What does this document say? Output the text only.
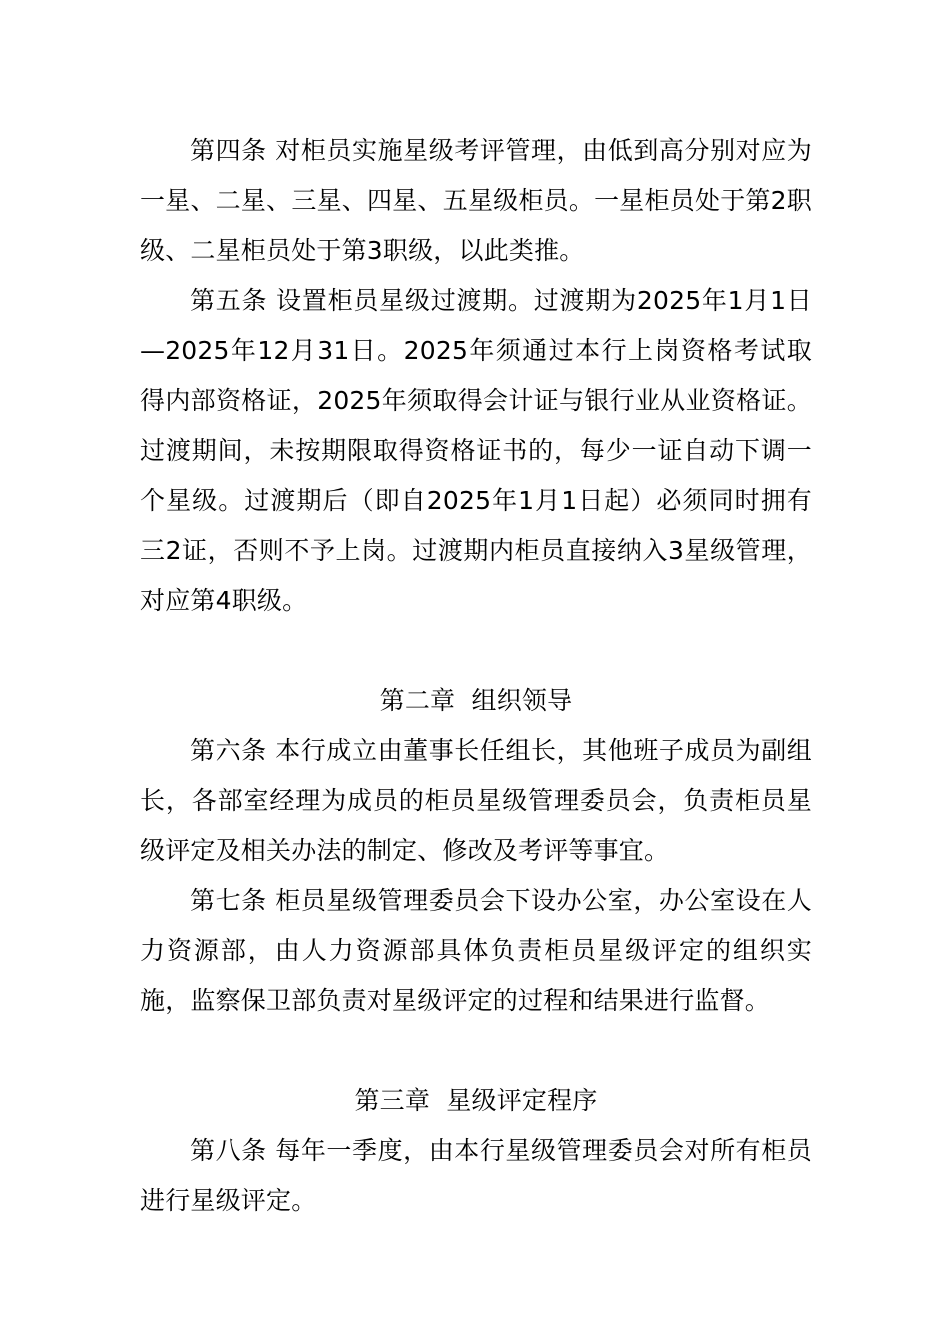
第四条 对柜员实施星级考评管理，由低到高分别对应为一星、二星、三星、四星、五星级柜员。一星柜员处于第2职级、二星柜员处于第3职级，以此类推。

第五条 设置柜员星级过渡期。过渡期为2025年1月1日—2025年12月31日。2025年须通过本行上岗资格考试取得内部资格证，2025年须取得会计证与银行业从业资格证。过渡期间，未按期限取得资格证书的，每少一证自动下调一个星级。过渡期后（即自2025年1月1日起）必须同时拥有三2证，否则不予上岗。过渡期内柜员直接纳入3星级管理，对应第4职级。

第二章  组织领导

第六条 本行成立由董事长任组长，其他班子成员为副组长，各部室经理为成员的柜员星级管理委员会，负责柜员星级评定及相关办法的制定、修改及考评等事宜。

第七条 柜员星级管理委员会下设办公室，办公室设在人力资源部，由人力资源部具体负责柜员星级评定的组织实施，监察保卫部负责对星级评定的过程和结果进行监督。

第三章  星级评定程序

第八条 每年一季度，由本行星级管理委员会对所有柜员进行星级评定。
